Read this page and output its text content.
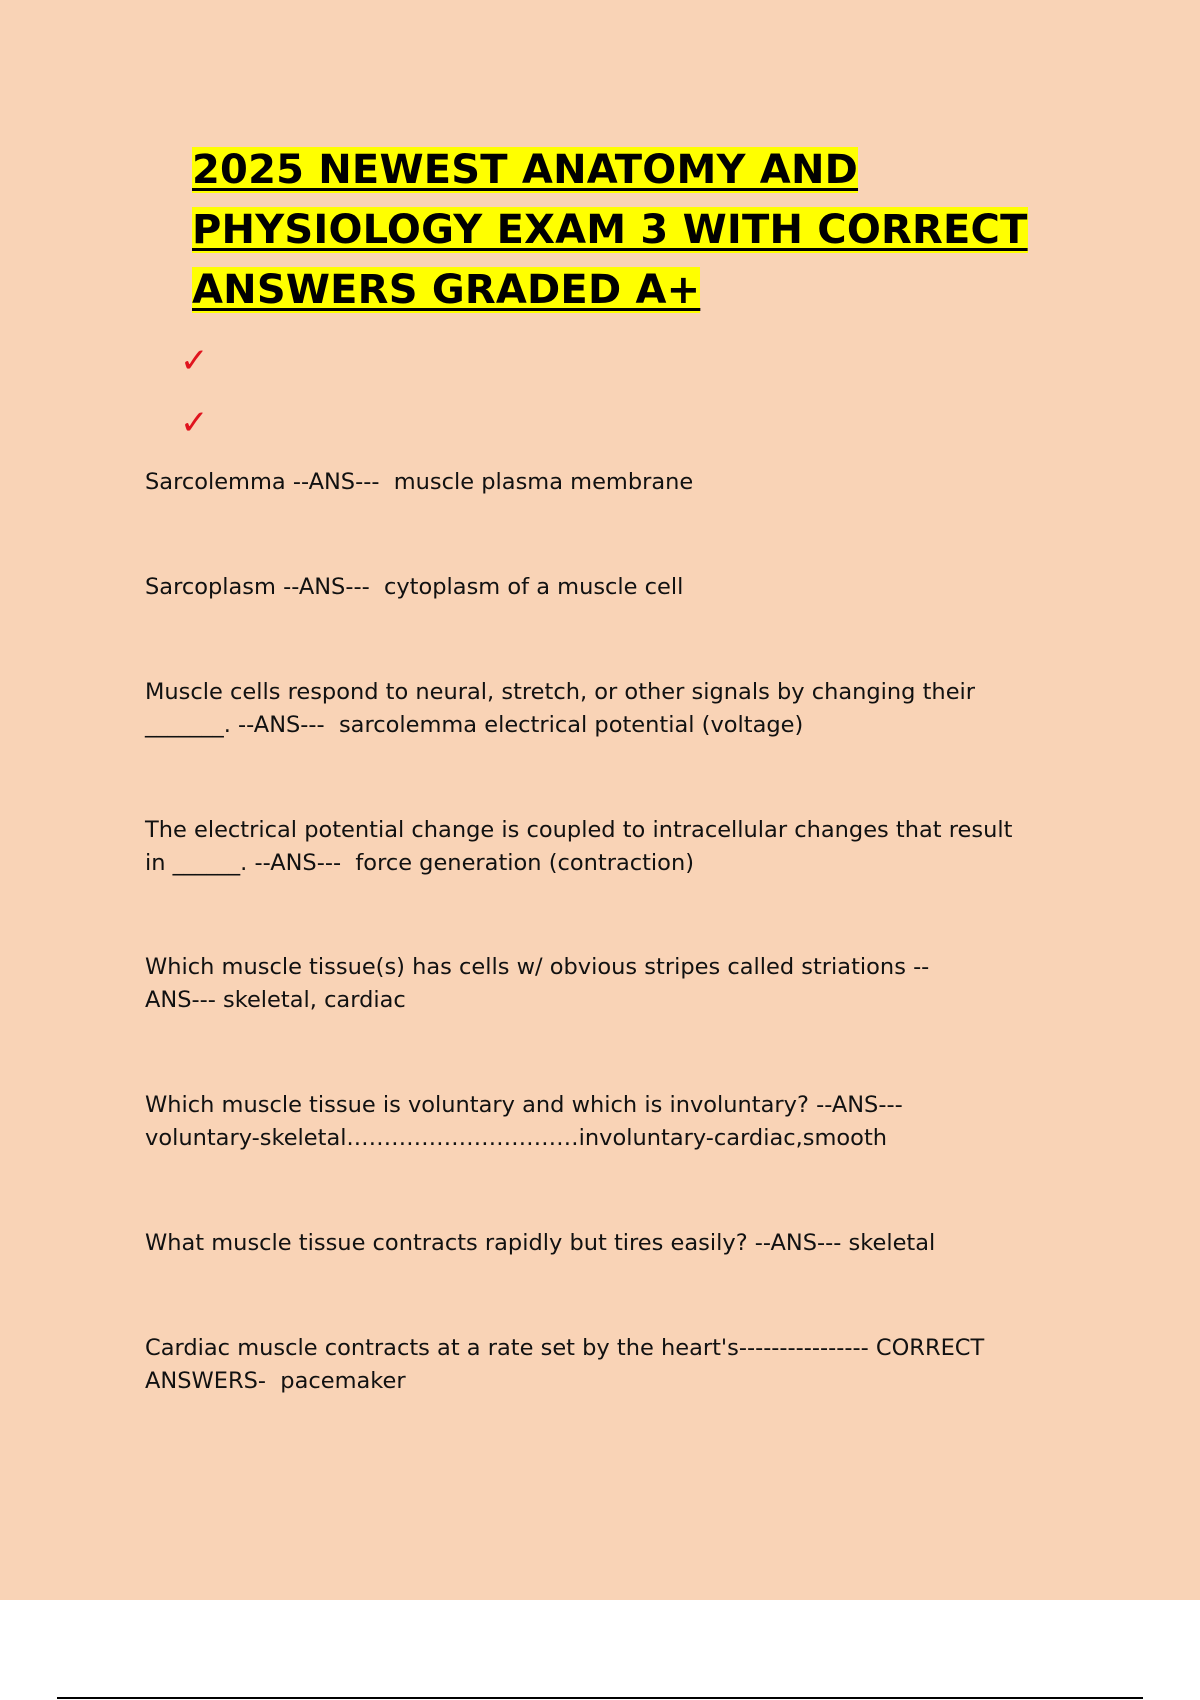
2025 NEWEST ANATOMY AND
PHYSIOLOGY EXAM 3 WITH CORRECT
ANSWERS GRADED A+
✓
✓
Sarcolemma --ANS---  muscle plasma membrane
Sarcoplasm --ANS---  cytoplasm of a muscle cell
Muscle cells respond to neural, stretch, or other signals by changing their
_______. --ANS---  sarcolemma electrical potential (voltage)
The electrical potential change is coupled to intracellular changes that result
in ______. --ANS---  force generation (contraction)
Which muscle tissue(s) has cells w/ obvious stripes called striations --
ANS--- skeletal, cardiac
Which muscle tissue is voluntary and which is involuntary? --ANS---
voluntary-skeletal.…………………………involuntary-cardiac,smooth
What muscle tissue contracts rapidly but tires easily? --ANS--- skeletal
Cardiac muscle contracts at a rate set by the heart's---------------- CORRECT
ANSWERS-  pacemaker
